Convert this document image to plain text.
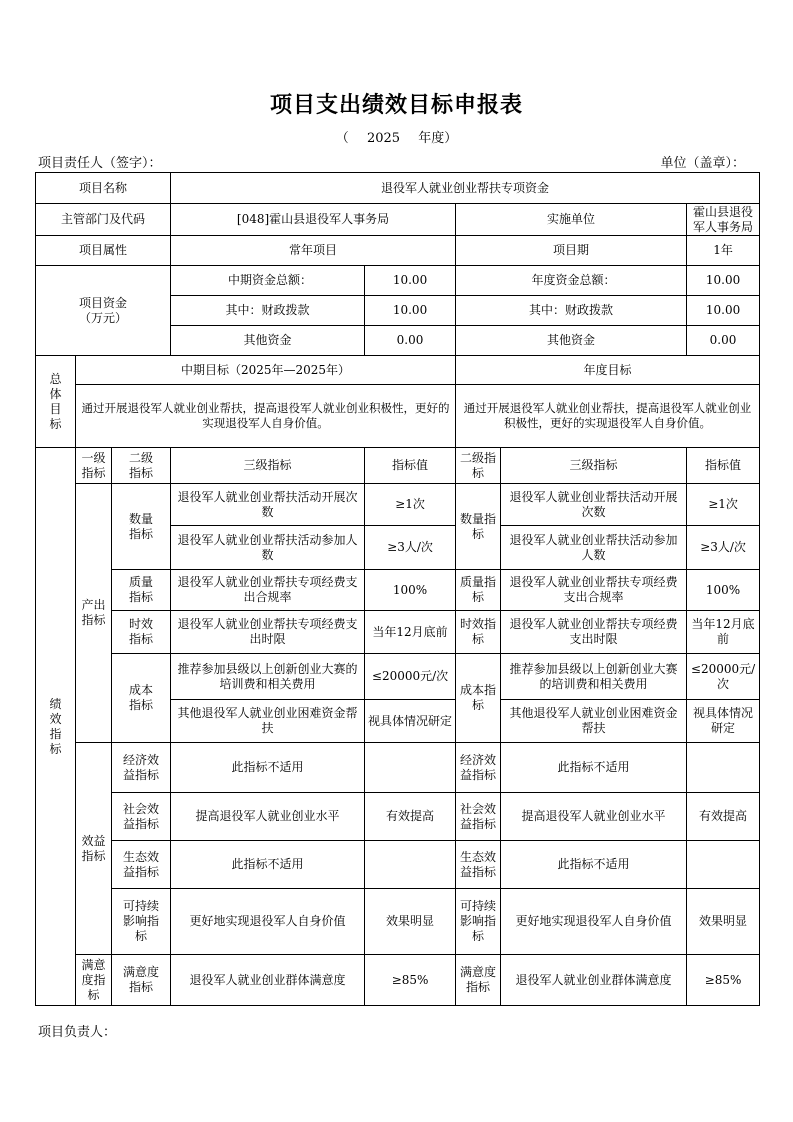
项目支出绩效目标申报表
（ 2025 年度）
项目责任人（签字）：	单位（盖章）：
项目名称			退役军人就业创业帮扶专项资金				
主管部门及代码			[048]霍山县退役军人事务局		实施单位		霍山县退役军人事务局
项目属性			常年项目		项目期		1年
项目资金（万元）			中期资金总额：	10.00	年度资金总额：		10.00
			其中：财政拨款	10.00	其中：财政拨款		10.00
			其他资金	0.00	其他资金		0.00
总体目标	中期目标（2025年—2025年）				年度目标		
	通过开展退役军人就业创业帮扶，提高退役军人就业创业积极性，更好的实现退役军人自身价值。				通过开展退役军人就业创业帮扶，提高退役军人就业创业积极性，更好的实现退役军人自身价值。		
绩效指标	一级指标	二级指标	三级指标	指标值	二级指标	三级指标	指标值
	产出指标	数量指标	退役军人就业创业帮扶活动开展次数	≥1次	数量指标	退役军人就业创业帮扶活动开展次数	≥1次
			退役军人就业创业帮扶活动参加人数	≥3人/次		退役军人就业创业帮扶活动参加人数	≥3人/次
		质量指标	退役军人就业创业帮扶专项经费支出合规率	100%	质量指标	退役军人就业创业帮扶专项经费支出合规率	100%
		时效指标	退役军人就业创业帮扶专项经费支出时限	当年12月底前	时效指标	退役军人就业创业帮扶专项经费支出时限	当年12月底前
		成本指标	推荐参加县级以上创新创业大赛的培训费和相关费用	≤20000元/次	成本指标	推荐参加县级以上创新创业大赛的培训费和相关费用	≤20000元/次
			其他退役军人就业创业困难资金帮扶	视具体情况研定		其他退役军人就业创业困难资金帮扶	视具体情况研定
	效益指标	经济效益指标	此指标不适用		经济效益指标	此指标不适用	
		社会效益指标	提高退役军人就业创业水平	有效提高	社会效益指标	提高退役军人就业创业水平	有效提高
		生态效益指标	此指标不适用		生态效益指标	此指标不适用	
		可持续影响指标	更好地实现退役军人自身价值	效果明显	可持续影响指标	更好地实现退役军人自身价值	效果明显
	满意度指标	满意度指标	退役军人就业创业群体满意度	≥85%	满意度指标	退役军人就业创业群体满意度	≥85%
项目负责人：
